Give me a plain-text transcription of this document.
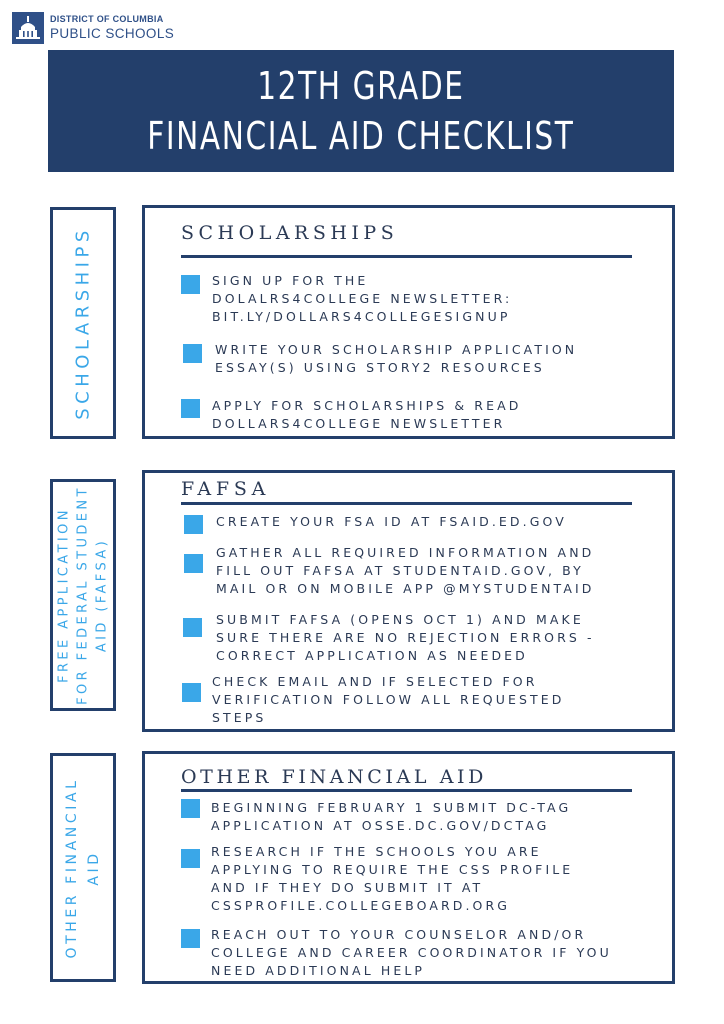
DISTRICT OF COLUMBIA
PUBLIC SCHOOLS
12TH GRADE
FINANCIAL AID CHECKLIST
SCHOLARSHIPS	SCHOLARSHIPS
SIGN UP FOR THE
DOLALRS4COLLEGE NEWSLETTER:
BIT.LY/DOLLARS4COLLEGESIGNUP
WRITE YOUR SCHOLARSHIP APPLICATION
ESSAY(S) USING STORY2 RESOURCES
APPLY FOR SCHOLARSHIPS & READ
DOLLARS4COLLEGE NEWSLETTER
FREE APPLICATION FOR FEDERAL STUDENT AID (FAFSA)
FAFSA
CREATE YOUR FSA ID AT FSAID.ED.GOV
GATHER ALL REQUIRED INFORMATION AND
FILL OUT FAFSA AT STUDENTAID.GOV, BY
MAIL OR ON MOBILE APP @MYSTUDENTAID
SUBMIT FAFSA (OPENS OCT 1) AND MAKE
SURE THERE ARE NO REJECTION ERRORS -
CORRECT APPLICATION AS NEEDED
CHECK EMAIL AND IF SELECTED FOR
VERIFICATION FOLLOW ALL REQUESTED
STEPS
OTHER FINANCIAL AID
OTHER FINANCIAL AID
BEGINNING FEBRUARY 1 SUBMIT DC-TAG
APPLICATION AT OSSE.DC.GOV/DCTAG
RESEARCH IF THE SCHOOLS YOU ARE
APPLYING TO REQUIRE THE CSS PROFILE
AND IF THEY DO SUBMIT IT AT
CSSPROFILE.COLLEGEBOARD.ORG
REACH OUT TO YOUR COUNSELOR AND/OR
COLLEGE AND CAREER COORDINATOR IF YOU
NEED ADDITIONAL HELP
